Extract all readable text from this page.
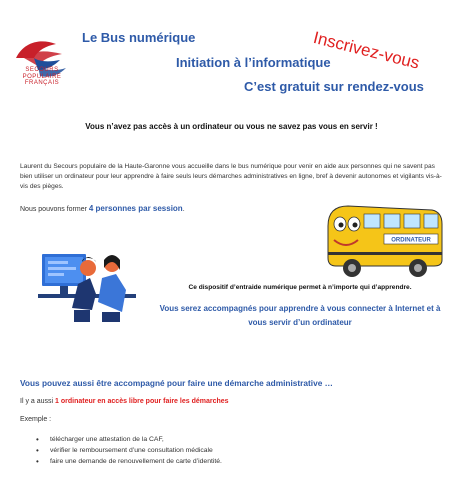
SECOURS POPULAIRE FRANÇAIS
Le Bus numérique
Initiation à l’informatique
C’est gratuit sur rendez-vous
Inscrivez-vous
Vous n’avez pas accès à un ordinateur ou vous ne savez pas vous en servir !
Laurent du Secours populaire de la Haute-Garonne vous accueille dans le bus numérique pour venir en aide aux personnes qui ne savent pas bien utiliser un ordinateur pour leur apprendre à faire seuls leurs démarches administratives en ligne, bref à devenir autonomes et vigilants vis-à-vis des pièges.
Nous pouvons former 4 personnes par session.
ORDINATEUR
Ce dispositif d’entraide numérique permet à n’importe qui d’apprendre.
Vous serez accompagnés pour apprendre à vous connecter à Internet et à vous servir d’un ordinateur
Vous pouvez aussi être accompagné pour faire une démarche administrative …
Il y a aussi 1 ordinateur en accès libre pour faire les démarches
Exemple :
• télécharger une attestation de la CAF,
• vérifier le remboursement d’une consultation médicale
• faire une demande de renouvellement de carte d’identité.
